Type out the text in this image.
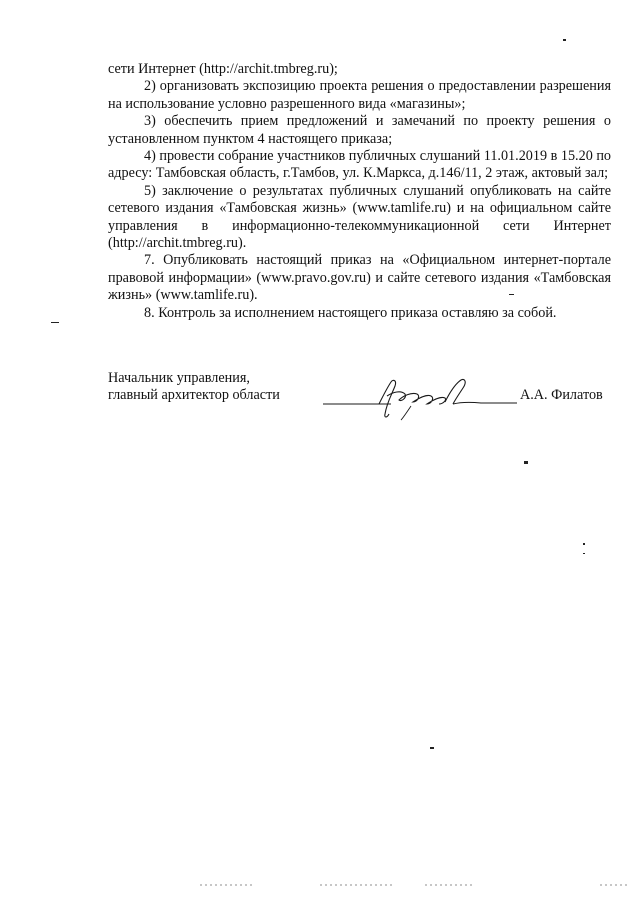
сети Интернет (http://archit.tmbreg.ru);

2) организовать экспозицию проекта решения о предоставлении разрешения на использование условно разрешенного вида «магазины»;

3) обеспечить прием предложений и замечаний по проекту решения о установленном пунктом 4 настоящего приказа;

4) провести собрание участников публичных слушаний 11.01.2019 в 15.20 по адресу: Тамбовская область, г.Тамбов, ул. К.Маркса, д.146/11, 2 этаж, актовый зал;

5) заключение о результатах публичных слушаний опубликовать на сайте сетевого издания «Тамбовская жизнь» (www.tamlife.ru) и на официальном сайте управления в информационно-телекоммуникационной сети Интернет (http://archit.tmbreg.ru).

7. Опубликовать настоящий приказ на «Официальном интернет-портале правовой информации» (www.pravo.gov.ru) и сайте сетевого издания «Тамбовская жизнь» (www.tamlife.ru).

8. Контроль за исполнением настоящего приказа оставляю за собой.

Начальник управления,
главный архитектор области	А.А. Филатов
